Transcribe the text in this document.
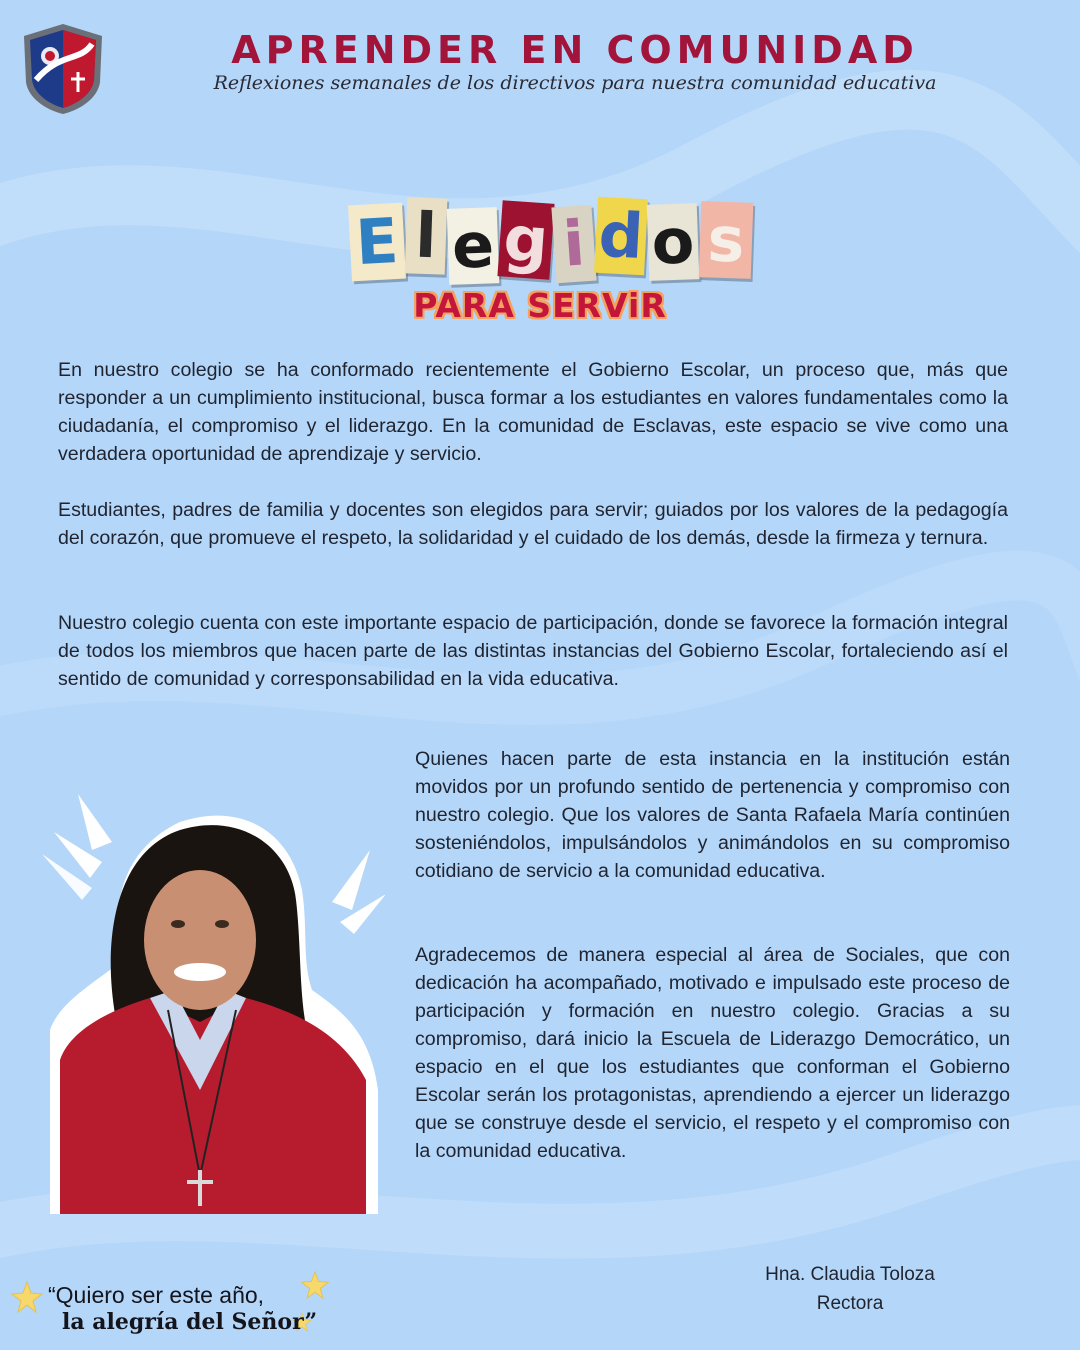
APRENDER EN COMUNIDAD
Reflexiones semanales de los directivos para nuestra comunidad educativa
E l e g i d o s
PARA SERViR

En nuestro colegio se ha conformado recientemente el Gobierno Escolar, un proceso que, más que responder a un cumplimiento institucional, busca formar a los estudiantes en valores fundamentales como la ciudadanía, el compromiso y el liderazgo. En la comunidad de Esclavas, este espacio se vive como una verdadera oportunidad de aprendizaje y servicio.

Estudiantes, padres de familia y docentes son elegidos para servir; guiados por los valores de la pedagogía del corazón, que promueve el respeto, la solidaridad y el cuidado de los demás, desde la firmeza y ternura.

Nuestro colegio cuenta con este importante espacio de participación, donde se favorece la formación integral de todos los miembros que hacen parte de las distintas instancias del Gobierno Escolar, fortaleciendo así el sentido de comunidad y corresponsabilidad en la vida educativa.

Quienes hacen parte de esta instancia en la institución están movidos por un profundo sentido de pertenencia y compromiso con nuestro colegio. Que los valores de Santa Rafaela María continúen sosteniéndolos, impulsándolos y animándolos en su compromiso cotidiano de servicio a la comunidad educativa.

Agradecemos de manera especial al área de Sociales, que con dedicación ha acompañado, motivado e impulsado este proceso de participación y formación en nuestro colegio. Gracias a su compromiso, dará inicio la Escuela de Liderazgo Democrático, un espacio en el que los estudiantes que conforman el Gobierno Escolar serán los protagonistas, aprendiendo a ejercer un liderazgo que se construye desde el servicio, el respeto y el compromiso con la comunidad educativa.

Hna. Claudia Toloza
Rectora
“Quiero ser este año,
la alegría del Señor”
